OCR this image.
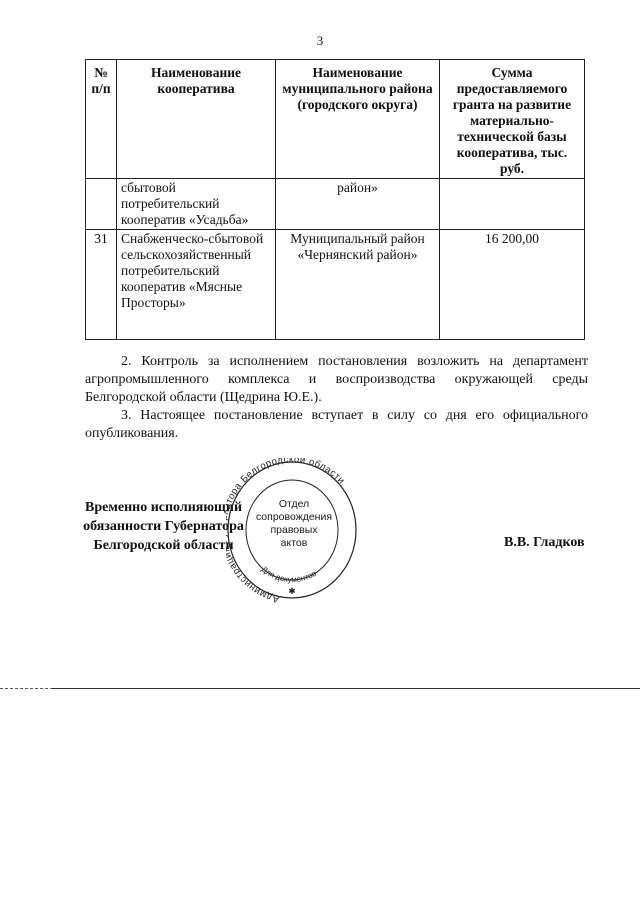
3
№ п/п	Наименование кооператива	Наименование муниципального района (городского округа)	Сумма предоставляемого гранта на развитие материально-технической базы кооператива, тыс. руб.
	сбытовой потребительский кооператив «Усадьба»	район»	
31	Снабженческо-сбытовой сельскохозяйственный потребительский кооператив «Мясные Просторы»	Муниципальный район «Чернянский район»	16 200,00

2. Контроль за исполнением постановления возложить на департамент агропромышленного комплекса и воспроизводства окружающей среды Белгородской области (Щедрина Ю.Е.).

3. Настоящее постановление вступает в силу со дня его официального опубликования.

Временно исполняющий
обязанности Губернатора
Белгородской области
Администра ора Белгородской области
Для документов
✱
Отдел
сопровождения
правовых
актов	В.В. Гладков
